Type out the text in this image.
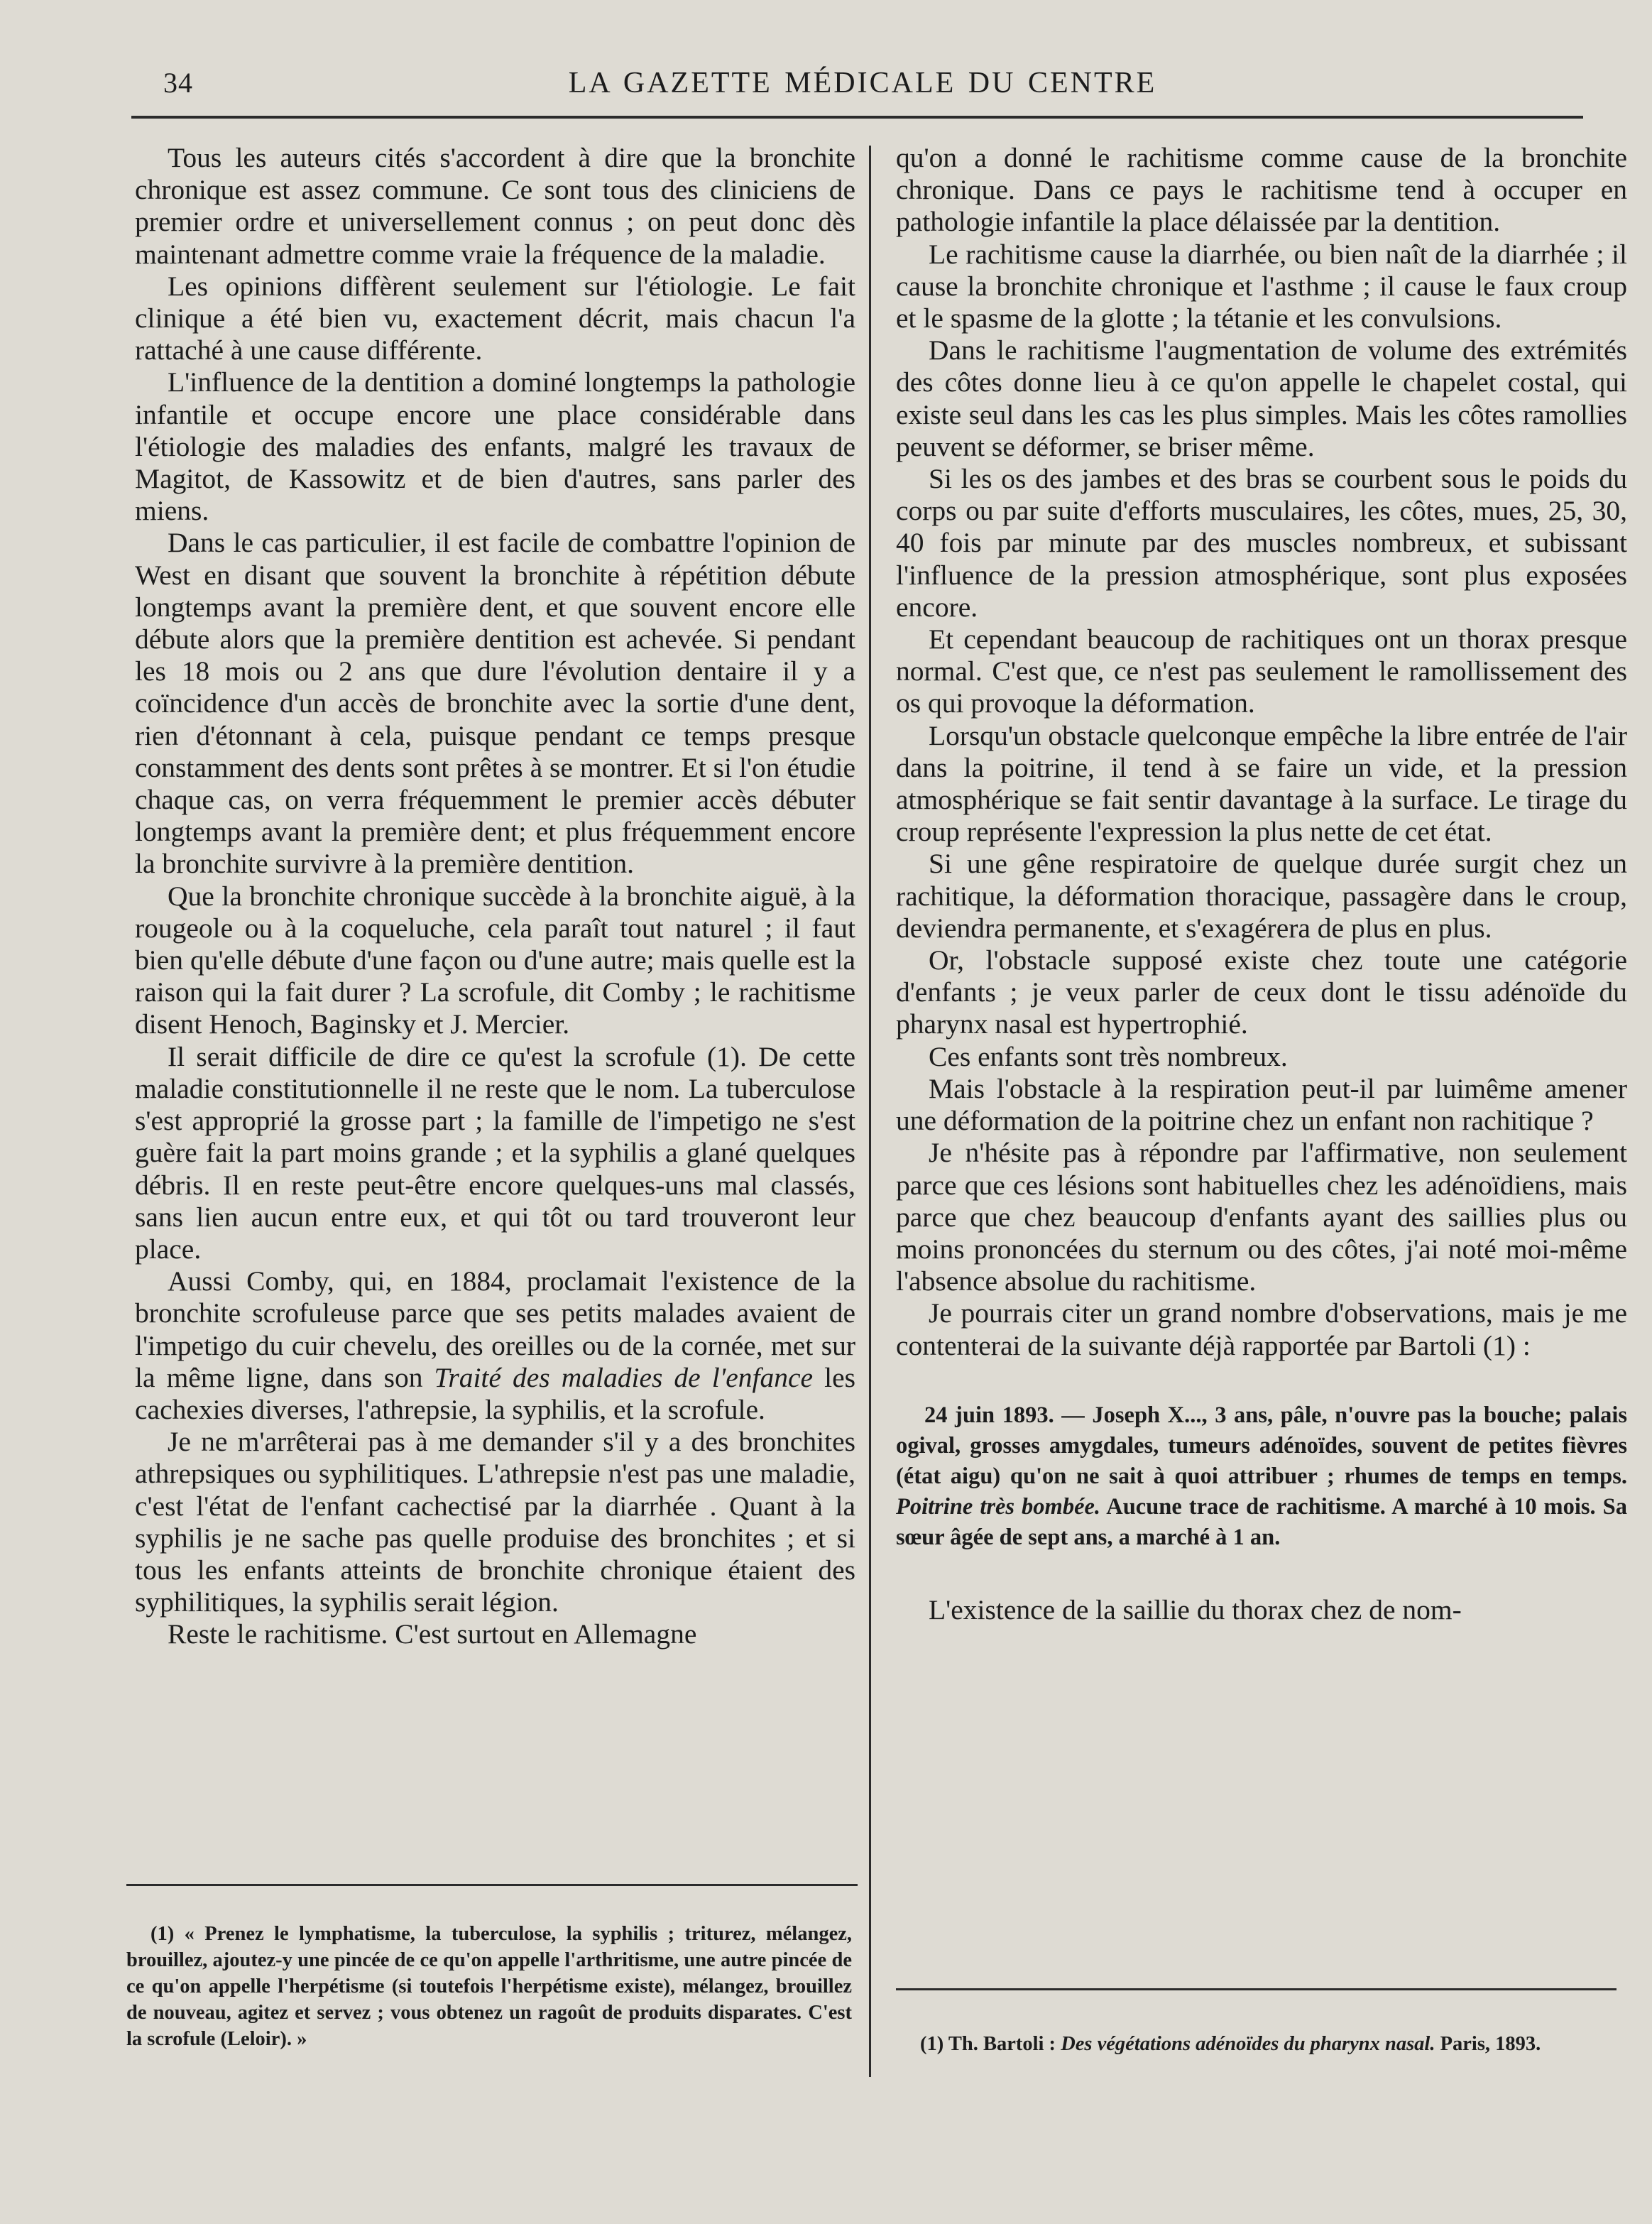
34	LA GAZETTE MÉDICALE DU CENTRE

Tous les auteurs cités s'accordent à dire que la bronchite chronique est assez commune. Ce sont tous des cliniciens de premier ordre et universellement connus ; on peut donc dès maintenant admettre comme vraie la fréquence de la maladie.

Les opinions diffèrent seulement sur l'étiologie. Le fait clinique a été bien vu, exactement décrit, mais chacun l'a rattaché à une cause différente.

L'influence de la dentition a dominé longtemps la pathologie infantile et occupe encore une place considérable dans l'étiologie des maladies des enfants, malgré les travaux de Magitot, de Kassowitz et de bien d'autres, sans parler des miens.

Dans le cas particulier, il est facile de combattre l'opinion de West en disant que souvent la bronchite à répétition débute longtemps avant la première dent, et que souvent encore elle débute alors que la première dentition est achevée. Si pendant les 18 mois ou 2 ans que dure l'évolution dentaire il y a coïncidence d'un accès de bronchite avec la sortie d'une dent, rien d'étonnant à cela, puisque pendant ce temps presque constamment des dents sont prêtes à se montrer. Et si l'on étudie chaque cas, on verra fréquemment le premier accès débuter longtemps avant la première dent; et plus fréquemment encore la bronchite survivre à la première dentition.

Que la bronchite chronique succède à la bronchite aiguë, à la rougeole ou à la coqueluche, cela paraît tout naturel ; il faut bien qu'elle débute d'une façon ou d'une autre; mais quelle est la raison qui la fait durer ? La scrofule, dit Comby ; le rachitisme disent Henoch, Baginsky et J. Mercier.

Il serait difficile de dire ce qu'est la scrofule (1). De cette maladie constitutionnelle il ne reste que le nom. La tuberculose s'est approprié la grosse part ; la famille de l'impetigo ne s'est guère fait la part moins grande ; et la syphilis a glané quelques débris. Il en reste peut-être encore quelques-uns mal classés, sans lien aucun entre eux, et qui tôt ou tard trouveront leur place.

Aussi Comby, qui, en 1884, proclamait l'existence de la bronchite scrofuleuse parce que ses petits malades avaient de l'impetigo du cuir chevelu, des oreilles ou de la cornée, met sur la même ligne, dans son Traité des maladies de l'enfance les cachexies diverses, l'athrepsie, la syphilis, et la scrofule.

Je ne m'arrêterai pas à me demander s'il y a des bronchites athrepsiques ou syphilitiques. L'athrepsie n'est pas une maladie, c'est l'état de l'enfant cachectisé par la diarrhée . Quant à la syphilis je ne sache pas quelle produise des bronchites ; et si tous les enfants atteints de bronchite chronique étaient des syphilitiques, la syphilis serait légion.

Reste le rachitisme. C'est surtout en Allemagne

(1) « Prenez le lymphatisme, la tuberculose, la syphilis ; triturez, mélangez, brouillez, ajoutez-y une pincée de ce qu'on appelle l'arthritisme, une autre pincée de ce qu'on appelle l'herpétisme (si toutefois l'herpétisme existe), mélangez, brouillez de nouveau, agitez et servez ; vous obtenez un ragoût de produits disparates. C'est la scrofule (Leloir). »

qu'on a donné le rachitisme comme cause de la bronchite chronique. Dans ce pays le rachitisme tend à occuper en pathologie infantile la place délaissée par la dentition.

Le rachitisme cause la diarrhée, ou bien naît de la diarrhée ; il cause la bronchite chronique et l'asthme ; il cause le faux croup et le spasme de la glotte ; la tétanie et les convulsions.

Dans le rachitisme l'augmentation de volume des extrémités des côtes donne lieu à ce qu'on appelle le chapelet costal, qui existe seul dans les cas les plus simples. Mais les côtes ramollies peuvent se déformer, se briser même.

Si les os des jambes et des bras se courbent sous le poids du corps ou par suite d'efforts musculaires, les côtes, mues, 25, 30, 40 fois par minute par des muscles nombreux, et subissant l'influence de la pression atmosphérique, sont plus exposées encore.

Et cependant beaucoup de rachitiques ont un thorax presque normal. C'est que, ce n'est pas seulement le ramollissement des os qui provoque la déformation.

Lorsqu'un obstacle quelconque empêche la libre entrée de l'air dans la poitrine, il tend à se faire un vide, et la pression atmosphérique se fait sentir davantage à la surface. Le tirage du croup représente l'expression la plus nette de cet état.

Si une gêne respiratoire de quelque durée surgit chez un rachitique, la déformation thoracique, passagère dans le croup, deviendra permanente, et s'exagérera de plus en plus.

Or, l'obstacle supposé existe chez toute une catégorie d'enfants ; je veux parler de ceux dont le tissu adénoïde du pharynx nasal est hypertrophié.

Ces enfants sont très nombreux.

Mais l'obstacle à la respiration peut-il par luimême amener une déformation de la poitrine chez un enfant non rachitique ?

Je n'hésite pas à répondre par l'affirmative, non seulement parce que ces lésions sont habituelles chez les adénoïdiens, mais parce que chez beaucoup d'enfants ayant des saillies plus ou moins prononcées du sternum ou des côtes, j'ai noté moi-même l'absence absolue du rachitisme.

Je pourrais citer un grand nombre d'observations, mais je me contenterai de la suivante déjà rapportée par Bartoli (1) :

24 juin 1893. — Joseph X..., 3 ans, pâle, n'ouvre pas la bouche; palais ogival, grosses amygdales, tumeurs adénoïdes, souvent de petites fièvres (état aigu) qu'on ne sait à quoi attribuer ; rhumes de temps en temps. Poitrine très bombée. Aucune trace de rachitisme. A marché à 10 mois. Sa sœur âgée de sept ans, a marché à 1 an.

L'existence de la saillie du thorax chez de nom-

(1) Th. Bartoli : Des végétations adénoïdes du pharynx nasal. Paris, 1893.
